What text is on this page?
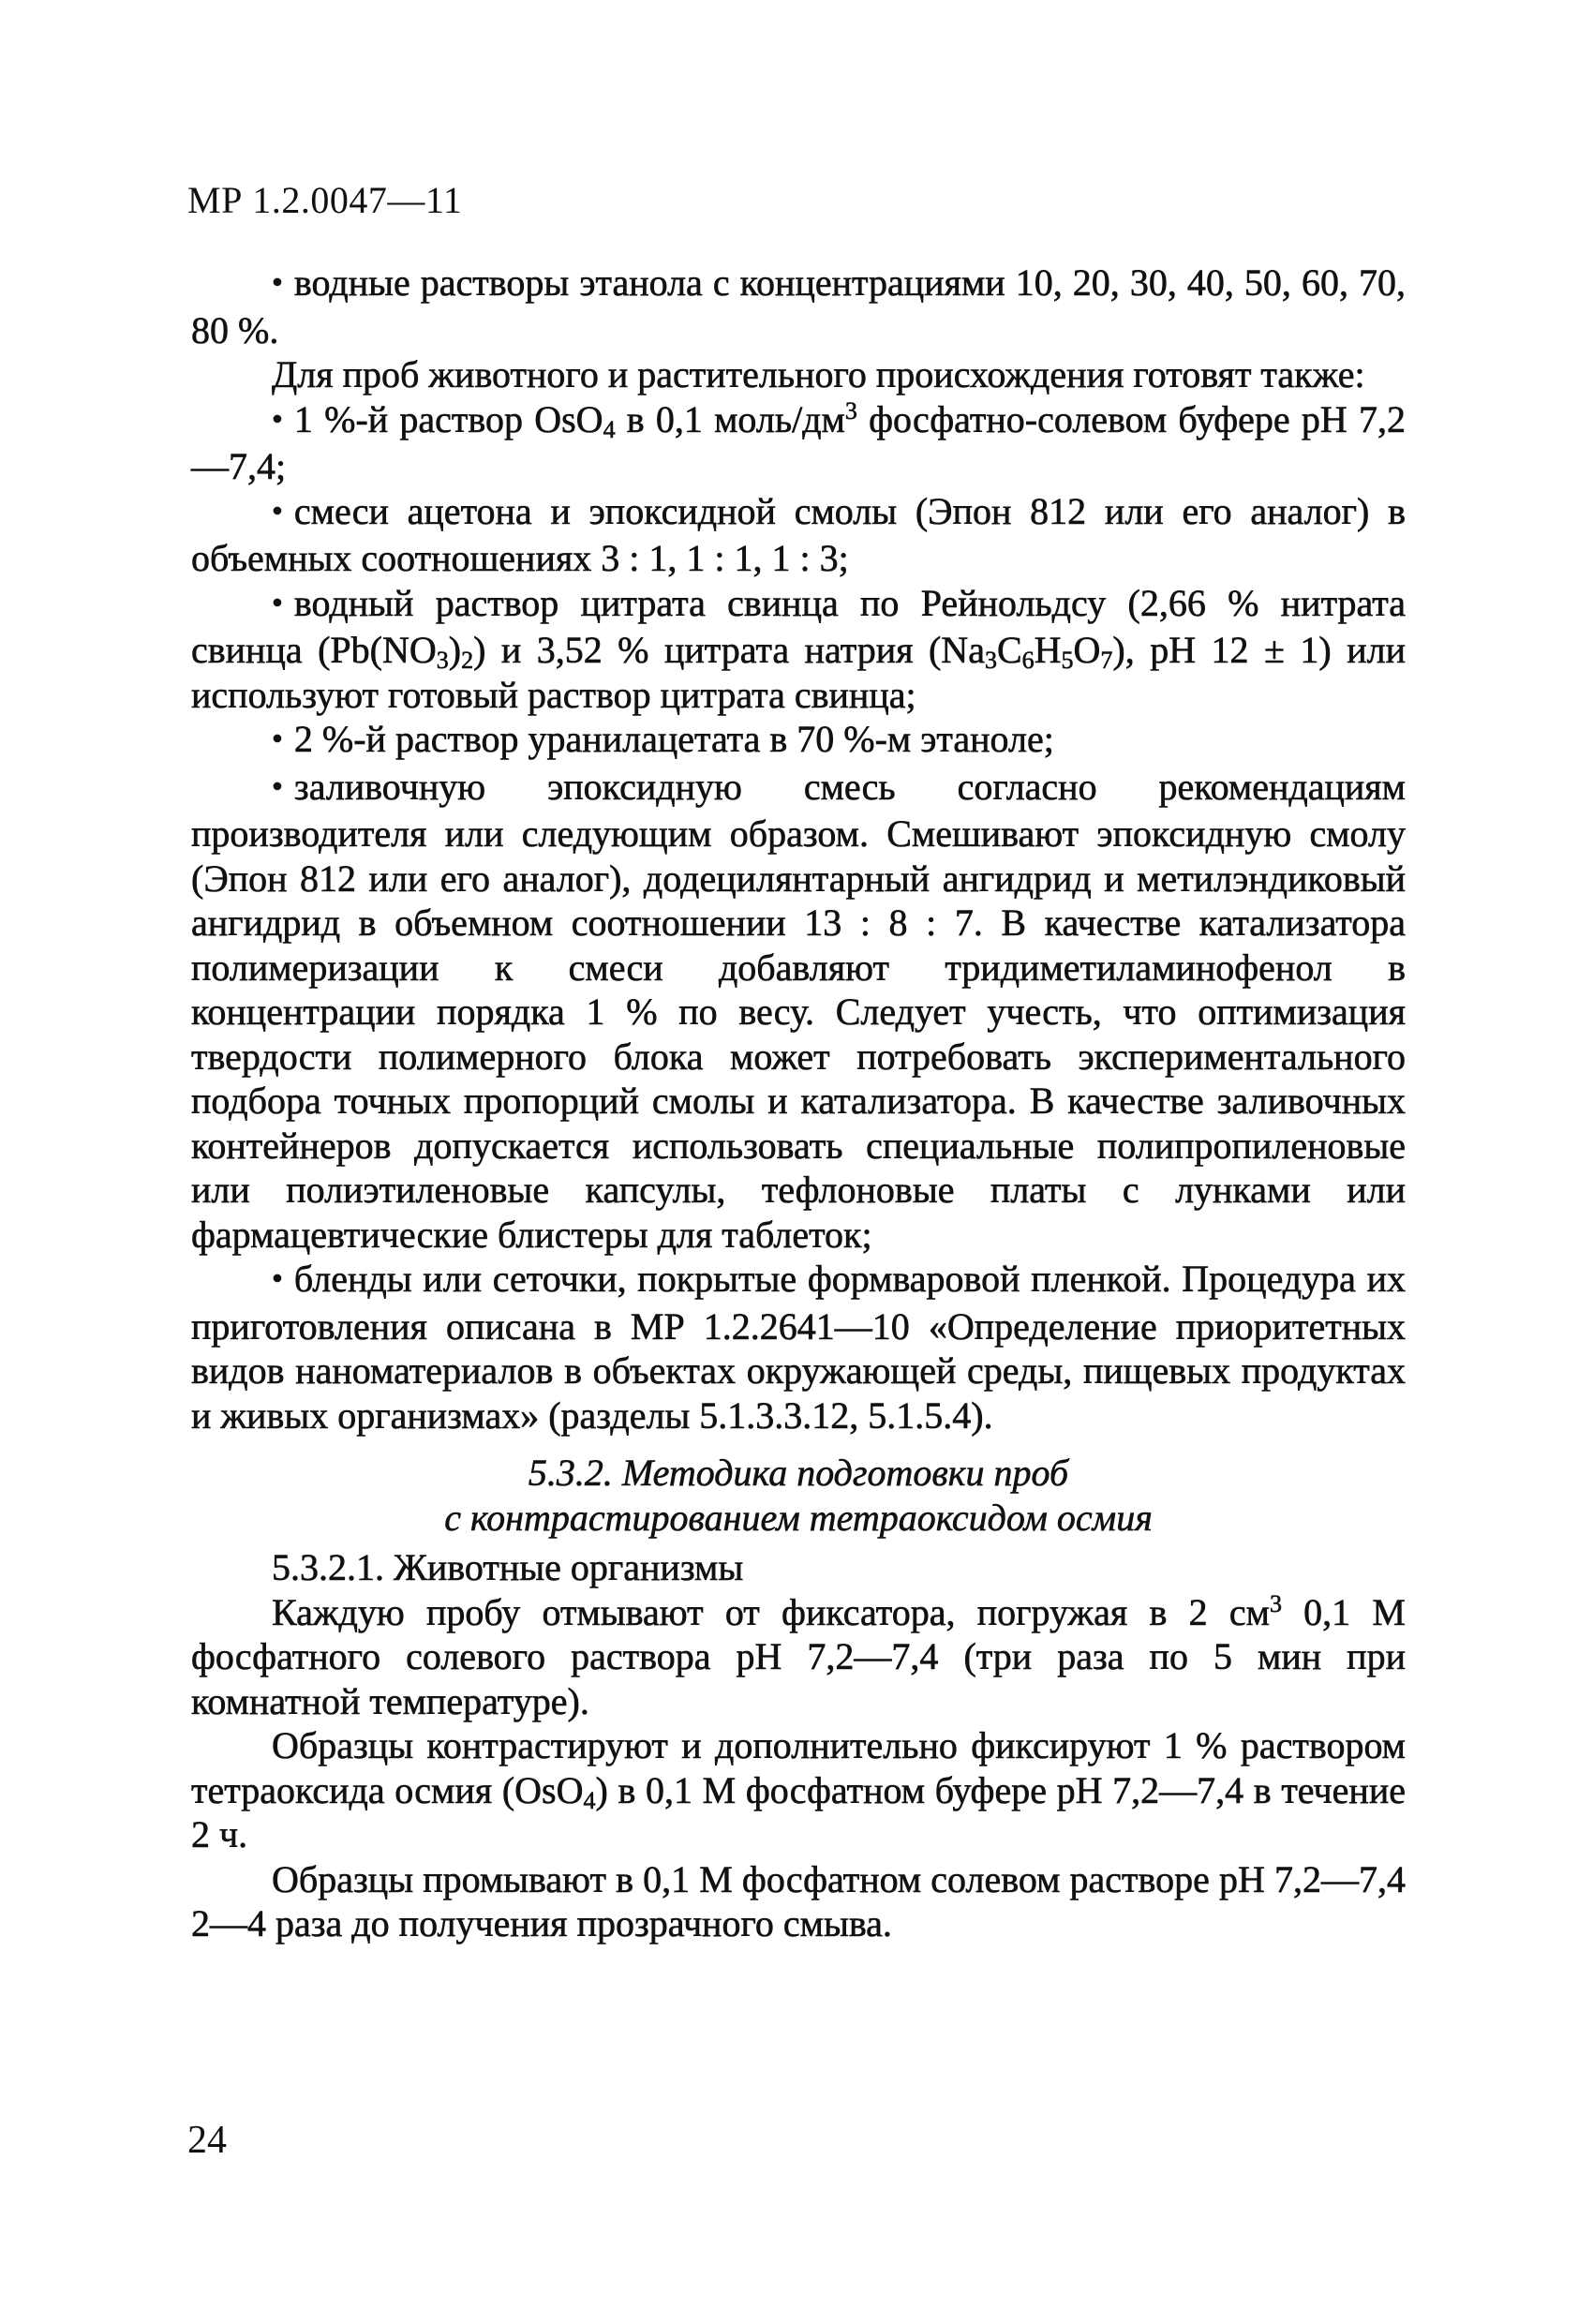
МР 1.2.0047—11

• водные растворы этанола с концентрациями 10, 20, 30, 40, 50, 60, 70, 80 %.

Для проб животного и растительного происхождения готовят также:

• 1 %-й раствор OsO$_4$ в 0,1 моль/$дм^3$ фосфатно-солевом буфере рН 7,2—7,4;

• смеси ацетона и эпоксидной смолы (Эпон 812 или его аналог) в объемных соотношениях 3 : 1, 1 : 1, 1 : 3;

• водный раствор цитрата свинца по Рейнольдсу (2,66 % нитрата свинца $(Pb(NO_3)_2)$ и 3,52 % цитрата натрия $(Na_3C_6H_5O_7)$, рН 12 ± 1) или используют готовый раствор цитрата свинца;

• 2 %-й раствор уранилацетата в 70 %-м этаноле;

• заливочную эпоксидную смесь согласно рекомендациям производителя или следующим образом. Смешивают эпоксидную смолу (Эпон 812 или его аналог), додецилянтарный ангидрид и метилэндиковый ангидрид в объемном соотношении 13 : 8 : 7. В качестве катализатора полимеризации к смеси добавляют тридиметиламинофенол в концентрации порядка 1 % по весу. Следует учесть, что оптимизация твердости полимерного блока может потребовать экспериментального подбора точных пропорций смолы и катализатора. В качестве заливочных контейнеров допускается использовать специальные полипропиленовые или полиэтиленовые капсулы, тефлоновые платы с лунками или фармацевтические блистеры для таблеток;

• бленды или сеточки, покрытые формваровой пленкой. Процедура их приготовления описана в МР 1.2.2641—10 «Определение приоритетных видов наноматериалов в объектах окружающей среды, пищевых продуктах и живых организмах» (разделы 5.1.3.3.12, 5.1.5.4).

5.3.2. Методика подготовки проб
с контрастированием тетраоксидом осмия

5.3.2.1. Животные организмы

Каждую пробу отмывают от фиксатора, погружая в 2 $см^3$ 0,1 М фосфатного солевого раствора рН 7,2—7,4 (три раза по 5 мин при комнатной температуре).

Образцы контрастируют и дополнительно фиксируют 1 % раствором тетраоксида осмия (OsO$_4$) в 0,1 М фосфатном буфере рН 7,2—7,4 в течение 2 ч.

Образцы промывают в 0,1 М фосфатном солевом растворе рН 7,2—7,4 2—4 раза до получения прозрачного смыва.

24
